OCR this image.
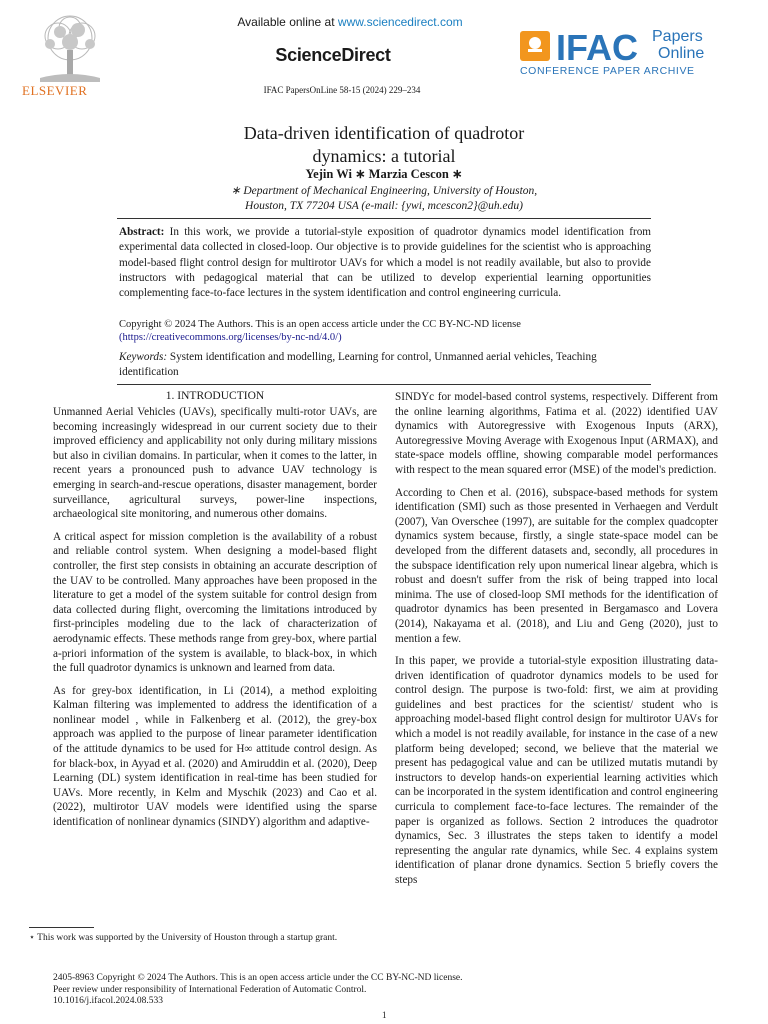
ELSEVIER
Available online at www.sciencedirect.com
ScienceDirect
IFAC PapersOnLine 58-15 (2024) 229–234
IFAC Papers
Online
CONFERENCE PAPER ARCHIVE
Data-driven identification of quadrotor
dynamics: a tutorial
Yejin Wi ∗ Marzia Cescon ∗
∗ Department of Mechanical Engineering, University of Houston,
Houston, TX 77204 USA (e-mail: {ywi, mcescon2}@uh.edu)
Abstract: In this work, we provide a tutorial-style exposition of quadrotor dynamics model identification from experimental data collected in closed-loop. Our objective is to provide guidelines for the scientist who is approaching model-based flight control design for multirotor UAVs for which a model is not readily available, but also to provide instructors with pedagogical material that can be utilized to develop experiential learning opportunities complementing face-to-face lectures in the system identification and control engineering curricula.
Copyright © 2024 The Authors. This is an open access article under the CC BY-NC-ND license
(https://creativecommons.org/licenses/by-nc-nd/4.0/)
Keywords: System identification and modelling, Learning for control, Unmanned aerial vehicles, Teaching identification
1. INTRODUCTION

Unmanned Aerial Vehicles (UAVs), specifically multi-rotor UAVs, are becoming increasingly widespread in our current society due to their improved efficiency and applicability not only during military missions but also in civilian domains. In particular, when it comes to the latter, in recent years a pronounced push to advance UAV technology is emerging in search-and-rescue operations, disaster management, border surveillance, agricultural surveys, power-line inspections, archaeological site monitoring, and numerous other domains.

A critical aspect for mission completion is the availability of a robust and reliable control system. When designing a model-based flight controller, the first step consists in obtaining an accurate description of the UAV to be controlled. Many approaches have been proposed in the literature to get a model of the system suitable for control design from data collected during flight, overcoming the limitations introduced by first-principles modeling due to the lack of characterization of aerodynamic effects. These methods range from grey-box, where partial a-priori information of the system is available, to black-box, in which the full quadrotor dynamics is unknown and learned from data.

As for grey-box identification, in Li (2014), a method exploiting Kalman filtering was implemented to address the identification of a nonlinear model , while in Falkenberg et al. (2012), the grey-box approach was applied to the purpose of linear parameter identification of the attitude dynamics to be used for H∞ attitude control design. As for black-box, in Ayyad et al. (2020) and Amiruddin et al. (2020), Deep Learning (DL) system identification in real-time has been studied for UAVs. More recently, in Kelm and Myschik (2023) and Cao et al. (2022), multirotor UAV models were identified using the sparse identification of nonlinear dynamics (SINDY) algorithm and adaptive-

SINDYc for model-based control systems, respectively. Different from the online learning algorithms, Fatima et al. (2022) identified UAV dynamics with Autoregressive with Exogenous Inputs (ARX), Autoregressive Moving Average with Exogenous Input (ARMAX), and state-space models offline, showing comparable model performances with respect to the mean squared error (MSE) of the model's prediction.

According to Chen et al. (2016), subspace-based methods for system identification (SMI) such as those presented in Verhaegen and Verdult (2007), Van Overschee (1997), are suitable for the complex quadcopter dynamics system because, firstly, a single state-space model can be developed from the different datasets and, secondly, all procedures in the subspace identification rely upon numerical linear algebra, which is robust and doesn't suffer from the risk of being trapped into local minima. The use of closed-loop SMI methods for the identification of quadrotor dynamics has been presented in Bergamasco and Lovera (2014), Nakayama et al. (2018), and Liu and Geng (2020), just to mention a few.

In this paper, we provide a tutorial-style exposition illustrating data-driven identification of quadrotor dynamics models to be used for control design. The purpose is two-fold: first, we aim at providing guidelines and best practices for the scientist/ student who is approaching model-based flight control design for multirotor UAVs for which a model is not readily available, for instance in the case of a new platform being developed; second, we believe that the material we present has pedagogical value and can be utilized mutatis mutandi by instructors to develop hands-on experiential learning activities which can be incorporated in the system identification and control engineering curricula to complement face-to-face lectures. The remainder of the paper is organized as follows. Section 2 introduces the quadrotor dynamics, Sec. 3 illustrates the steps taken to identify a model representing the angular rate dynamics, while Sec. 4 explains system identification of planar drone dynamics. Section 5 briefly covers the steps

⋆ This work was supported by the University of Houston through a startup grant.
1
2405-8963 Copyright © 2024 The Authors. This is an open access article under the CC BY-NC-ND license.
Peer review under responsibility of International Federation of Automatic Control.
10.1016/j.ifacol.2024.08.533
